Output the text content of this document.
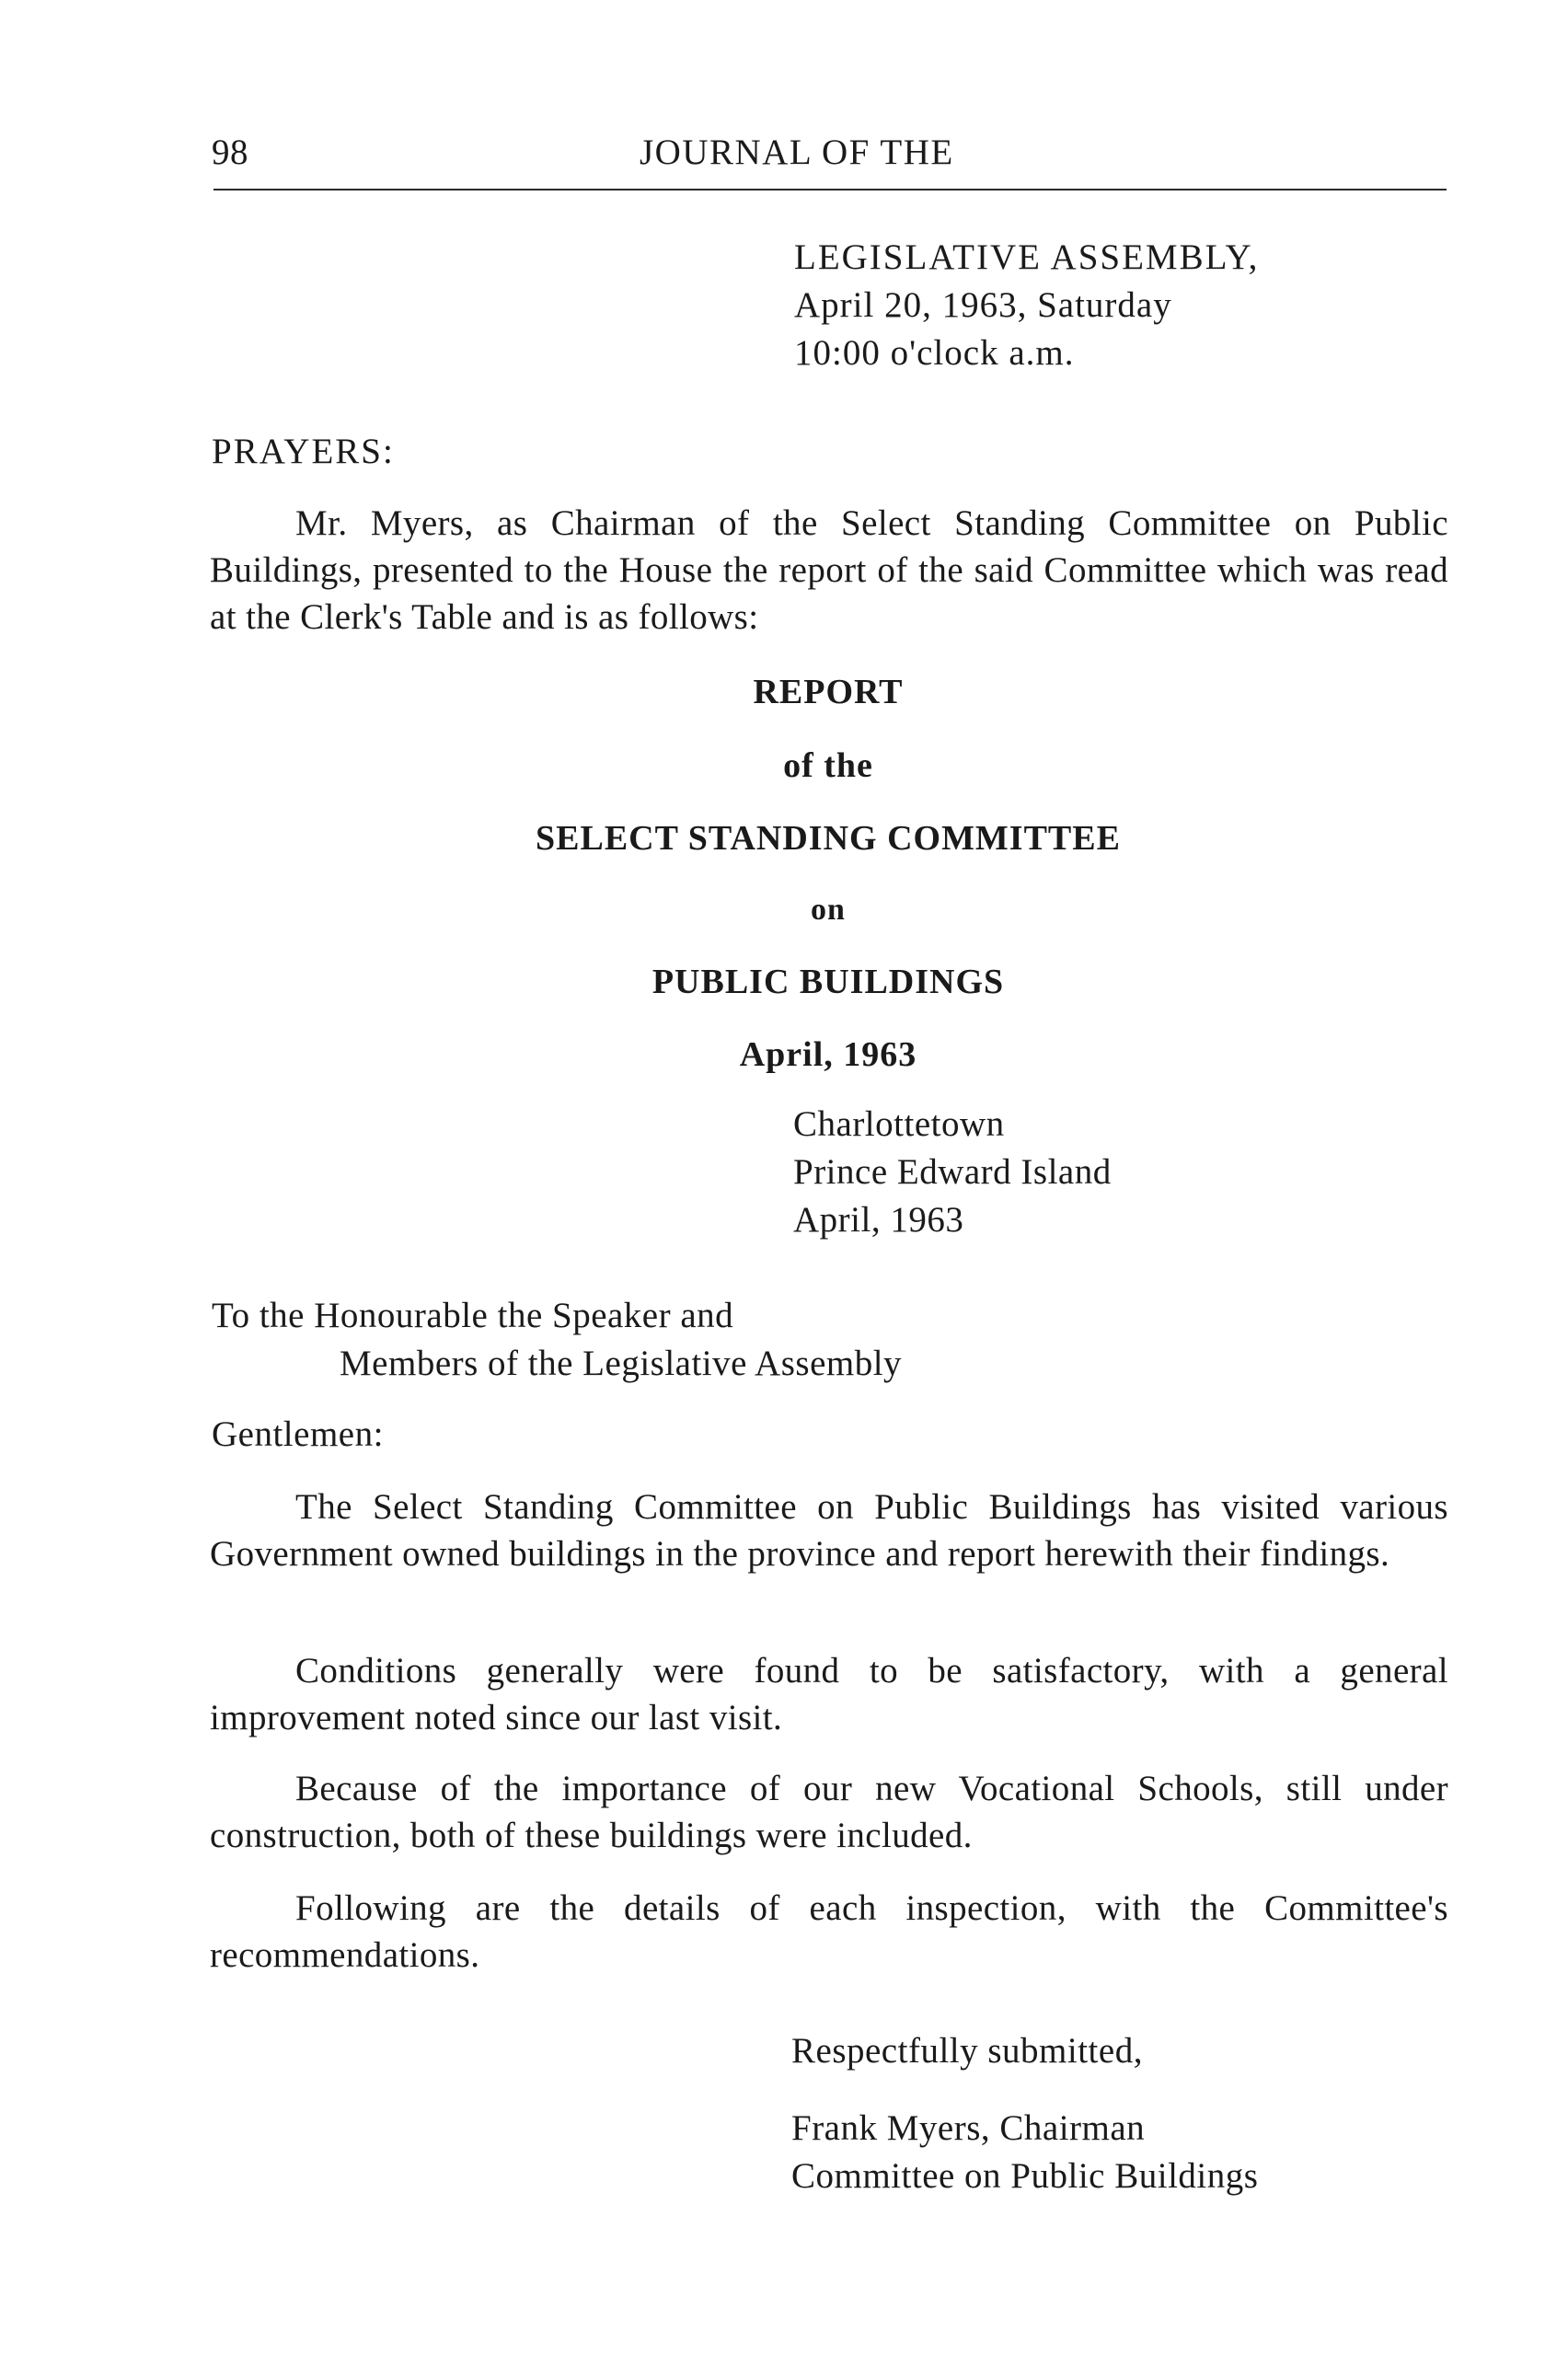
98	JOURNAL OF THE
LEGISLATIVE ASSEMBLY,
April 20, 1963, Saturday
10:00 o'clock a.m.
PRAYERS:

Mr. Myers, as Chairman of the Select Standing Committee on Public Buildings, presented to the House the report of the said Committee which was read at the Clerk's Table and is as follows:

REPORT
of the
SELECT STANDING COMMITTEE
on
PUBLIC BUILDINGS
April, 1963
Charlottetown
Prince Edward Island
April, 1963
To the Honourable the Speaker and
Members of the Legislative Assembly
Gentlemen:

The Select Standing Committee on Public Buildings has visited various Government owned buildings in the province and report herewith their findings.

Conditions generally were found to be satisfactory, with a general improvement noted since our last visit.

Because of the importance of our new Vocational Schools, still under construction, both of these buildings were included.

Following are the details of each inspection, with the Committee's recommendations.

Respectfully submitted,
Frank Myers, Chairman
Committee on Public Buildings
